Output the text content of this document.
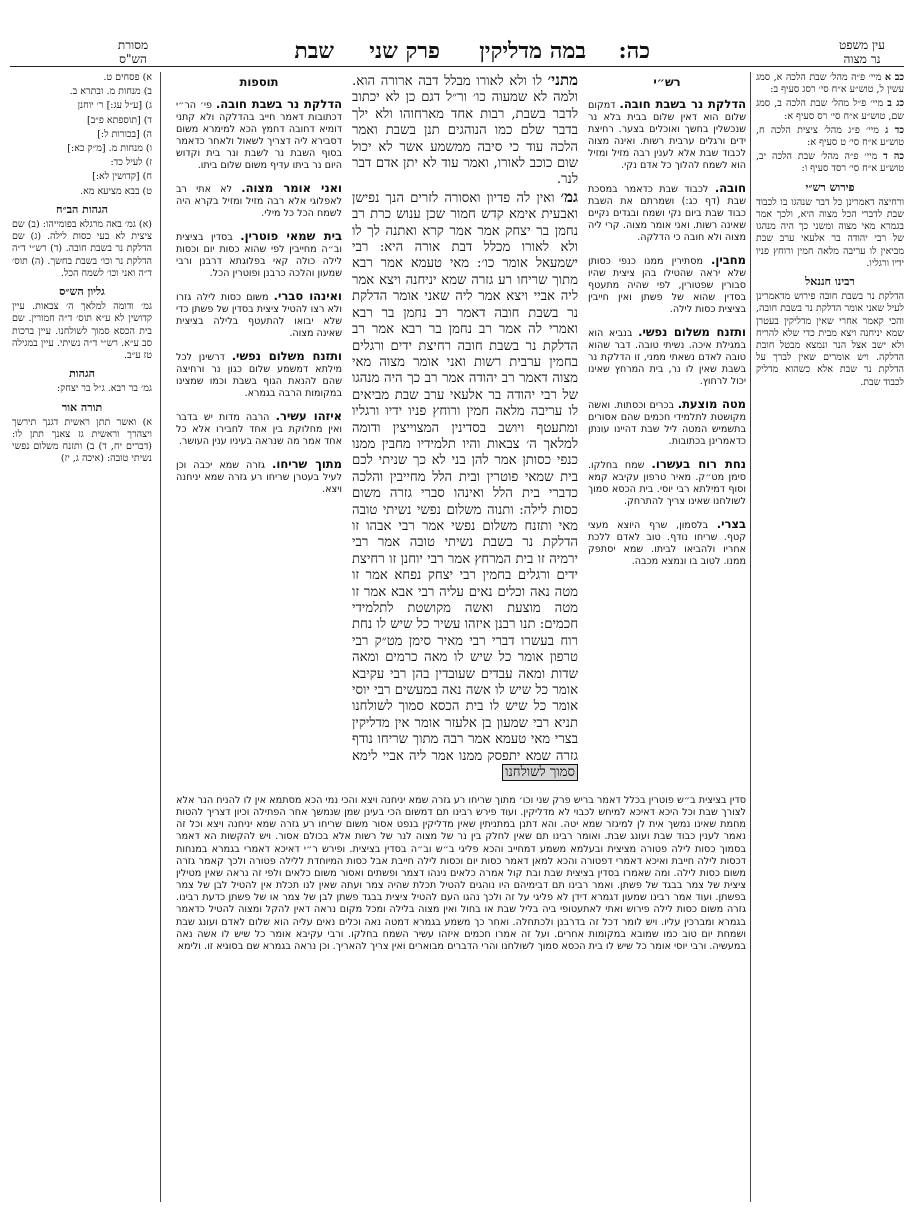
עין משפט
נר מצוה
כה:
במה מדליקין
פרק שני
שבת
מסורת
הש"ס

כב א מיי׳ פ״ה מהל׳ שבת הלכה א, סמג עשין ל, טוש״ע א״ח סי׳ רסג סעיף ב:

כג ב מיי׳ פ״ל מהל׳ שבת הלכה ב, סמג שם, טוש״ע א״ח סי׳ רס סעיף א:

כד ג מיי׳ פ״ג מהל׳ ציצית הלכה ח, טוש״ע א״ח סי׳ ט סעיף א:

כה ד מיי׳ פ״ה מהל׳ שבת הלכה יב, טוש״ע א״ח סי׳ רסד סעיף ו:

פירוש רש״י

ורחיצה דאמרינן כל דבר שנהגו בו לכבוד שבת לדברי הכל מצוה היא, ולכך אמר בגמרא מאי מצוה ומשני כך היה מנהגו של רבי יהודה בר אלעאי ערב שבת מביאין לו עריבה מלאה חמין ורוחץ פניו ידיו ורגליו.

רבינו חננאל

הדלקת נר בשבת חובה פירוש מדאמרינן לעיל שאני אומר הדלקת נר בשבת חובה, והכי קאמר אחרי שאין מדליקין בעטרן שמא יניחנה ויצא מבית כדי שלא להריח ולא ישב אצל הנר ונמצא מבטל חובת הדלקה. ויש אומרים שאין לברך על הדלקת נר שבת אלא כשהוא מדליק לכבוד שבת.

א) פסחים ט.

ב) מנחות מ. ובתרא ב.

ג) [ע״ל עג:] ר׳ יוחנן

ד) [תוספתא פ״ב]

ה) [בכורות ל:]

ו) מנחות מ. [מ״ק כא:]

ז) לעיל כד:

ח) [קדושין לא:]

ט) בבא מציעא מא.

הגהות הב״ח

(א) גמ׳ באה מרגלא בפומייהו: (ב) שם ציצית לא בעי כסות לילה. (ג) שם הדלקת נר בשבת חובה. (ד) רש״י ד״ה הדלקת נר וכו׳ בשבת בחשך. (ה) תוס׳ ד״ה ואני וכו׳ לשמח הכל.

גליון הש״ס

גמ׳ ודומה למלאך ה׳ צבאות. עיין קדושין לא ע״א תוס׳ ד״ה חמורין. שם בית הכסא סמוך לשולחנו. עיין ברכות סב ע״א. רש״י ד״ה נשיתי. עיין במגילה טז ע״ב.

הגהות

גמ׳ בר רבא. ג״ל בר יצחק:

תורה אור

א) ואשר תתן ראשית דגנך תירשך ויצהרך וראשית גז צאנך תתן לו: (דברים יח, ד) ב) ותזנח משלום נפשי נשיתי טובה: (איכה ג, יז)

מתני׳ לו ולא לאורו מבלל דבה ארורה הוא. ולמה לא שמעוה כו׳ ור״ל דגם כן לא יכתוב לדבר בשבת, רבות אחד מארחוהו ולא ילך בדבר שלם כמו הנוהגים תנן בשבת ואמר הלכה עוד כי סיבה ממשמע אשר לא יכול שום כוכב לאורו, ואמר עוד לא יתן אדם דבר לנר.

גמ׳ ואין לה פדיון ואסורה לזרים הנך נפישן ואבעית אימא קדש חמור שכן ענוש כרת רב נחמן בר יצחק אמר אמר קרא ואתנה לך לו ולא לאורו מכלל דבת אורה היא: רבי ישמעאל אומר כו׳: מאי טעמא אמר רבא מתוך שריחו רע גזרה שמא יניחנה ויצא אמר ליה אביי ויצא אמר ליה שאני אומר הדלקת נר בשבת חובה דאמר רב נחמן בר רבא ואמרי לה אמר רב נחמן בר רבא אמר רב הדלקת נר בשבת חובה רחיצת ידים ורגלים בחמין ערבית רשות ואני אומר מצוה מאי מצוה דאמר רב יהודה אמר רב כך היה מנהגו של רבי יהודה בר אלעאי ערב שבת מביאים לו עריבה מלאה חמין ורוחץ פניו ידיו ורגליו ומתעטף ויושב בסדינין המצוייצין ודומה למלאך ה׳ צבאות והיו תלמידיו מחבין ממנו כנפי כסותן אמר להן בני לא כך שניתי לכם בית שמאי פוטרין ובית הלל מחייבין והלכה כדברי בית הלל ואינהו סברי גזרה משום כסות לילה: ותנוה משלום נפשי נשיתי טובה מאי ותזנח משלום נפשי אמר רבי אבהו זו הדלקת נר בשבת נשיתי טובה אמר רבי ירמיה זו בית המרחץ אמר רבי יוחנן זו רחיצת ידים ורגלים בחמין רבי יצחק נפחא אמר זו מטה נאה וכלים נאים עליה רבי אבא אמר זו מטה מוצעת ואשה מקושטת לתלמידי חכמים: תנו רבנן איזהו עשיר כל שיש לו נחת רוח בעשרו דברי רבי מאיר סימן מט״ק רבי טרפון אומר כל שיש לו מאה כרמים ומאה שדות ומאה עבדים שעובדין בהן רבי עקיבא אומר כל שיש לו אשה נאה במעשים רבי יוסי אומר כל שיש לו בית הכסא סמוך לשולחנו תניא רבי שמעון בן אלעזר אומר אין מדליקין בצרי מאי טעמא אמר רבה מתוך שריחו נודף גזרה שמא יתפסק ממנו אמר ליה אביי לימא סמוך לשולחנו

רש״י

הדלקת נר בשבת חובה. דמקום שלום הוא דאין שלום בבית בלא נר שנכשלין בחשך ואוכלים בצער. רחיצת ידים ורגלים ערבית רשות. ואינה מצוה לכבוד שבת אלא לענין רבה מזיל ומזיל הוא לשמח להלוך כל אדם נקי.

חובה. לכבוד שבת כדאמר במסכת שבת (דף כג:) ושמרתם את השבת כבוד שבת ביום נקי ושמח ובגדים נקיים שאינה רשות. ואני אומר מצוה. קרי ליה מצוה ולא חובה כי הדלקה.

מחבין. מסתירין ממנו כנפי כסותן שלא יראה שהטילו בהן ציצית שהיו סבורין שפטורין, לפי שהיה מתעטף בסדין שהוא של פשתן ואין חייבין בציצית כסות לילה.

ותזנח משלום נפשי. בנביא הוא במגילת איכה. נשיתי טובה. דבר שהוא טובה לאדם נשאתי ממני, זו הדלקת נר בשבת שאין לו נר, בית המרחץ שאינו יכול לרחוץ.

מטה מוצעת. בכרים וכסתות. ואשה מקושטת לתלמידי חכמים שהם אסורים בתשמיש המטה ליל שבת דהיינו עונתן כדאמרינן בכתובות.

נחת רוח בעשרו. שמח בחלקו. סימן מט״ק. מאיר טרפון עקיבא קמא וסוף דמילתא רבי יוסי. בית הכסא סמוך לשולחנו שאינו צריך להתרחק.

בצרי. בלסמון, שרף היוצא מעצי קטף. שריחו נודף. טוב לאדם ללכת אחריו ולהביאו לביתו. שמא יסתפק ממנו. לטוב בו ונמצא מכבה.

תוספות

הדלקת נר בשבת חובה. פי׳ הר״י דכתובות דאמר חייב בהדלקה ולא קתני דומיא דחובה דחמץ הכא למימרא משום דסבירא ליה דצריך לשאול ולאחר כדאמר בסוף השבת נר לשבת ונר בית וקדוש היום נר ביתו עדיף משום שלום ביתו.

ואני אומר מצוה. לא אתי רב לאפלוגי אלא רבה מזיל ומזיל בקרא היה לשמח הכל כל מילי.

בית שמאי פוטרין. בסדין בציצית וב״ה מחייבין לפי שהוא כסות יום וכסות לילה כולה קאי בפלוגתא דרבנן ורבי שמעון והלכה כרבנן ופוטרין הכל.

ואינהו סברי. משום כסות לילה גזרו ולא רצו להטיל ציצית בסדין של פשתן כדי שלא יבואו להתעטף בלילה בציצית שאינה מצוה.

ותזנח משלום נפשי. דרשינן לכל מילתא דמשמע שלום כגון נר ורחיצה שהם להנאת הגוף בשבת וכמו שמצינו במקומות הרבה בגמרא.

איזהו עשיר. הרבה מדות יש בדבר ואין מחלוקת בין אחד לחבירו אלא כל אחד אמר מה שנראה בעיניו ענין העושר.

מתוך שריחו. גזרה שמא יכבה וכן לעיל בעטרן שריחו רע גזרה שמא יניחנה ויצא.

סדין בציצית ב״ש פוטרין בכלל דאמר בריש פרק שני וכו׳ מתוך שריחו רע גזרה שמא יניחנה ויצא והכי נמי הכא מסתמא אין לו להניח הנר אלא לצורך שבת וכל היכא דאיכא למיחש לכבוי לא מדליקין. ועוד פירש רבינו תם דמשום הכי בעינן שמן שנמשך אחר הפתילה וכיון דצריך להטות מחמת שאינו נמשך אית לן למיגזר שמא יטה. והא דתנן במתניתין שאין מדליקין בנפט אסור משום שריחו רע גזרה שמא יניחנה ויצא וכל זה נאמר לענין כבוד שבת ועונג שבת. ואומר רבינו תם שאין לחלק בין נר של מצוה לנר של רשות אלא בכולם אסור. ויש להקשות הא דאמר בסמוך כסות לילה פטורה מציצית ובעלמא משמע דמחייב והכא פליגי ב״ש וב״ה בסדין בציצית. ופירש ר״י דאיכא דאמרי בגמרא במנחות דכסות לילה חייבת ואיכא דאמרי דפטורה והכא למאן דאמר כסות יום וכסות לילה חייבת אבל כסות המיוחדת ללילה פטורה ולכך קאמר גזרה משום כסות לילה. ומה שאמרו בסדין בציצית שבת ובת קול אמרה כלאים נינהו דצמר ופשתים ואסור משום כלאים ולפי זה נראה שאין מטילין ציצית של צמר בבגד של פשתן. ואמר רבינו תם דבימיהם היו נוהגים להטיל תכלת שהיה צמר ועתה שאין לנו תכלת אין להטיל לבן של צמר בפשתן. ועוד אמר רבינו שמעון דגמרא דידן לא פליגי על זה ולכך נהגו העם להטיל ציצית בבגד פשתן לבן של צמר או של פשתן כדעת רבינו. גזרה משום כסות לילה פירוש ואתי לאתעטופי ביה בליל שבת או בחול ואין מצוה בלילה ומכל מקום נראה דאין להקל ומצוה להטיל כדאמר בגמרא ומברכין עליו. ויש לומר דכל זה בדרבנן ולכתחלה. ואחר כך משמע בגמרא דמטה נאה וכלים נאים עליה הוא שלום לאדם ועונג שבת ושמחת יום טוב כמו שמובא במקומות אחרים. ועל זה אמרו חכמים איזהו עשיר השמח בחלקו. ורבי עקיבא אומר כל שיש לו אשה נאה במעשיה. ורבי יוסי אומר כל שיש לו בית הכסא סמוך לשולחנו והרי הדברים מבוארים ואין צריך להאריך. וכן נראה בגמרא שם בסוגיא זו. ולימא
